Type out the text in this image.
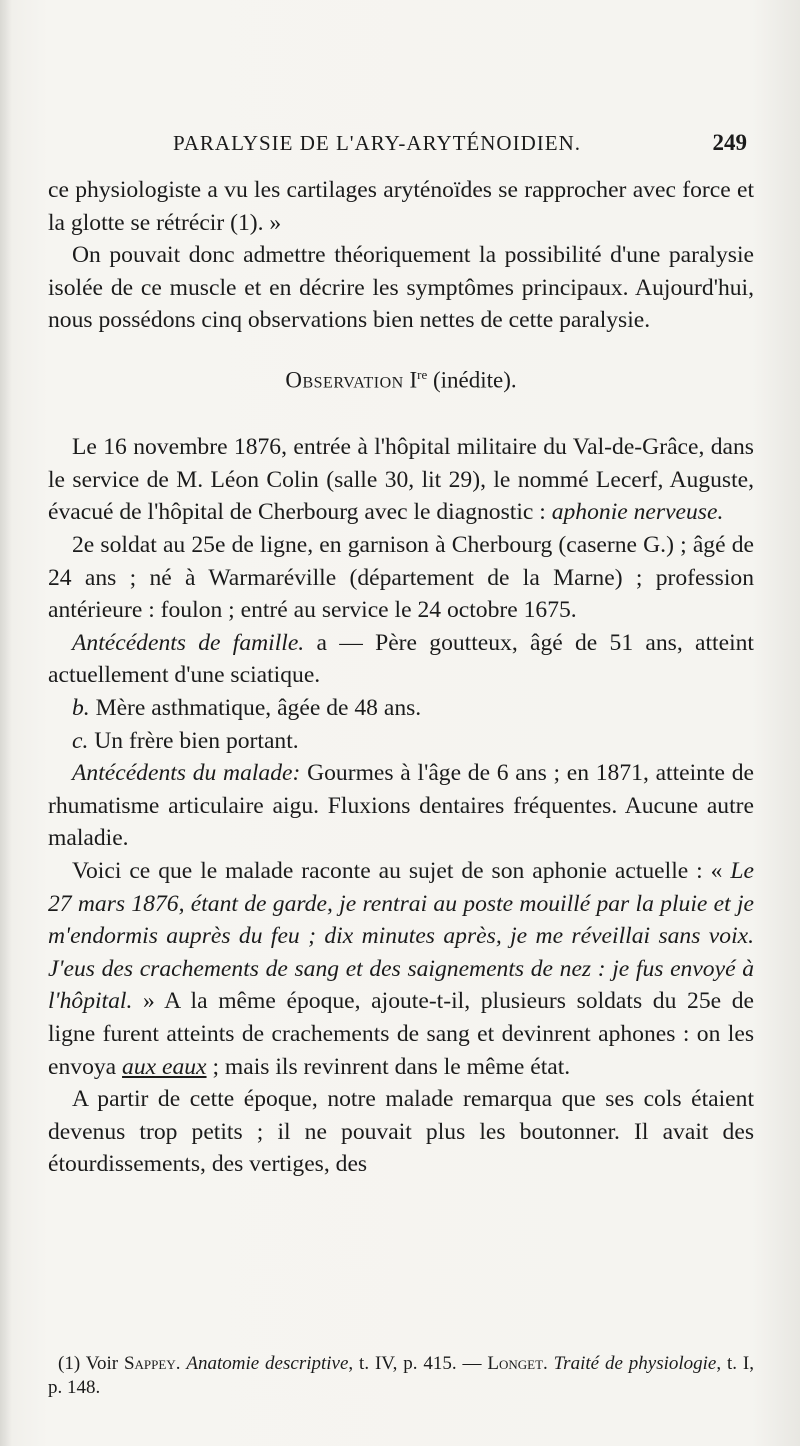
PARALYSIE DE L'ARY-ARYTÉNOIDIEN.	249

ce physiologiste a vu les cartilages aryténoïdes se rapprocher avec force et la glotte se rétrécir (1). »

On pouvait donc admettre théoriquement la possibilité d'une paralysie isolée de ce muscle et en décrire les symptômes principaux. Aujourd'hui, nous possédons cinq observations bien nettes de cette paralysie.

Observation Ire (inédite).

Le 16 novembre 1876, entrée à l'hôpital militaire du Val-de-Grâce, dans le service de M. Léon Colin (salle 30, lit 29), le nommé Lecerf, Auguste, évacué de l'hôpital de Cherbourg avec le diagnostic : aphonie nerveuse.

2e soldat au 25e de ligne, en garnison à Cherbourg (caserne G.) ; âgé de 24 ans ; né à Warmaréville (département de la Marne) ; profession antérieure : foulon ; entré au service le 24 octobre 1675.

Antécédents de famille. a — Père goutteux, âgé de 51 ans, atteint actuellement d'une sciatique.

b. Mère asthmatique, âgée de 48 ans.

c. Un frère bien portant.

Antécédents du malade: Gourmes à l'âge de 6 ans ; en 1871, atteinte de rhumatisme articulaire aigu. Fluxions dentaires fréquentes. Aucune autre maladie.

Voici ce que le malade raconte au sujet de son aphonie actuelle : « Le 27 mars 1876, étant de garde, je rentrai au poste mouillé par la pluie et je m'endormis auprès du feu ; dix minutes après, je me réveillai sans voix. J'eus des crachements de sang et des saignements de nez : je fus envoyé à l'hôpital. » A la même époque, ajoute-t-il, plusieurs soldats du 25e de ligne furent atteints de crachements de sang et devinrent aphones : on les envoya aux eaux ; mais ils revinrent dans le même état.

A partir de cette époque, notre malade remarqua que ses cols étaient devenus trop petits ; il ne pouvait plus les boutonner. Il avait des étourdissements, des vertiges, des

(1) Voir Sappey. Anatomie descriptive, t. IV, p. 415. — Longet. Traité de physiologie, t. I, p. 148.
